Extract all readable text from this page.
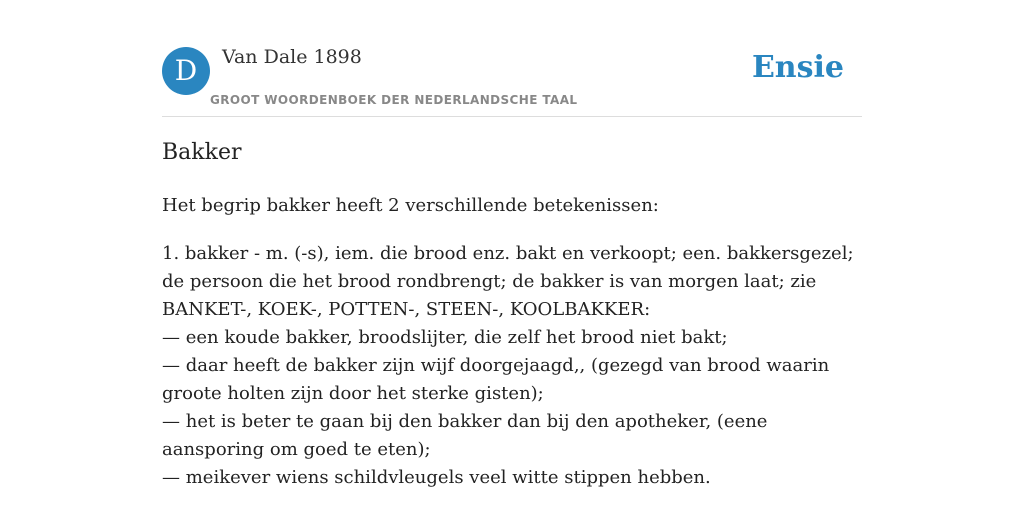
D	Van Dale 1898
GROOT WOORDENBOEK DER NEDERLANDSCHE TAAL
Ensie
Bakker
Het begrip bakker heeft 2 verschillende betekenissen:

1. bakker - m. (-s), iem. die brood enz. bakt en verkoopt; een. bakkersgezel; de persoon die het brood rondbrengt; de bakker is van morgen laat; zie BANKET-, KOEK-, POTTEN-, STEEN-, KOOLBAKKER:

— een koude bakker, broodslijter, die zelf het brood niet bakt;

— daar heeft de bakker zijn wijf doorgejaagd,, (gezegd van brood waarin groote holten zijn door het sterke gisten);

— het is beter te gaan bij den bakker dan bij den apotheker, (eene aansporing om goed te eten);

— meikever wiens schildvleugels veel witte stippen hebben.
